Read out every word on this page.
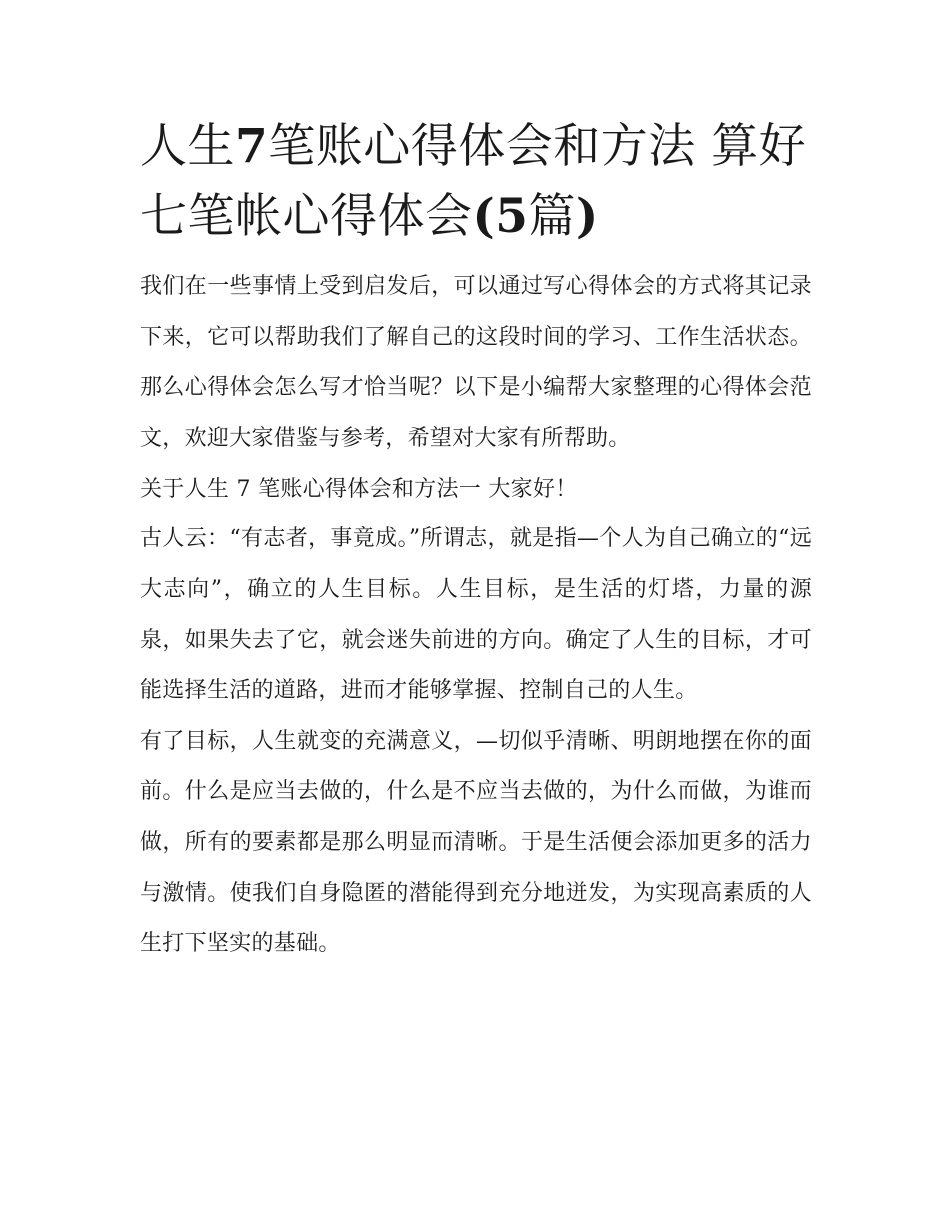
人生7笔账心得体会和方法 算好七笔帐心得体会(5篇)

我们在一些事情上受到启发后，可以通过写心得体会的方式将其记录下来，它可以帮助我们了解自己的这段时间的学习、工作生活状态。那么心得体会怎么写才恰当呢？以下是小编帮大家整理的心得体会范文，欢迎大家借鉴与参考，希望对大家有所帮助。

关于人生 7 笔账心得体会和方法一 大家好！

古人云：“有志者，事竟成。”所谓志，就是指—个人为自己确立的“远大志向”，确立的人生目标。人生目标，是生活的灯塔，力量的源泉，如果失去了它，就会迷失前进的方向。确定了人生的目标，才可能选择生活的道路，进而才能够掌握、控制自己的人生。

有了目标，人生就变的充满意义，—切似乎清晰、明朗地摆在你的面前。什么是应当去做的，什么是不应当去做的，为什么而做，为谁而做，所有的要素都是那么明显而清晰。于是生活便会添加更多的活力与激情。使我们自身隐匿的潜能得到充分地迸发，为实现高素质的人生打下坚实的基础。
